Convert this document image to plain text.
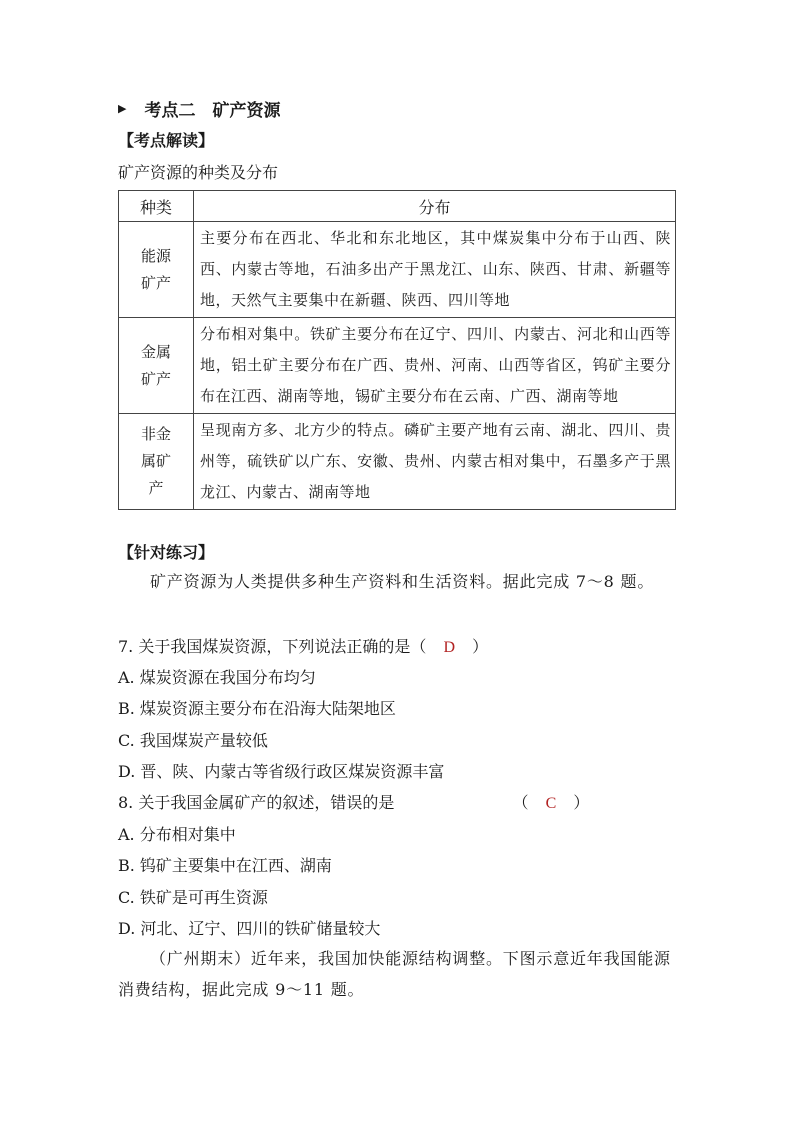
▶ 考点二　矿产资源
【考点解读】
矿产资源的种类及分布
种类	分布

能源
矿产	主要分布在西北、华北和东北地区，其中煤炭集中分布于山西、陕西、内蒙古等地，石油多出产于黑龙江、山东、陕西、甘肃、新疆等地，天然气主要集中在新疆、陕西、四川等地

金属
矿产	分布相对集中。铁矿主要分布在辽宁、四川、内蒙古、河北和山西等地，铝土矿主要分布在广西、贵州、河南、山西等省区，钨矿主要分布在江西、湖南等地，锡矿主要分布在云南、广西、湖南等地

非金
属矿
产	呈现南方多、北方少的特点。磷矿主要产地有云南、湖北、四川、贵州等，硫铁矿以广东、安徽、贵州、内蒙古相对集中，石墨多产于黑龙江、内蒙古、湖南等地
【针对练习】
矿产资源为人类提供多种生产资料和生活资料。据此完成 7～8 题。
7. 关于我国煤炭资源，下列说法正确的是（ D ）
A. 煤炭资源在我国分布均匀
B. 煤炭资源主要分布在沿海大陆架地区
C. 我国煤炭产量较低
D. 晋、陕、内蒙古等省级行政区煤炭资源丰富
8. 关于我国金属矿产的叙述，错误的是	（ C ）
A. 分布相对集中
B. 钨矿主要集中在江西、湖南
C. 铁矿是可再生资源
D. 河北、辽宁、四川的铁矿储量较大
（广州期末）近年来，我国加快能源结构调整。下图示意近年我国能源消费结构，据此完成 9～11 题。
